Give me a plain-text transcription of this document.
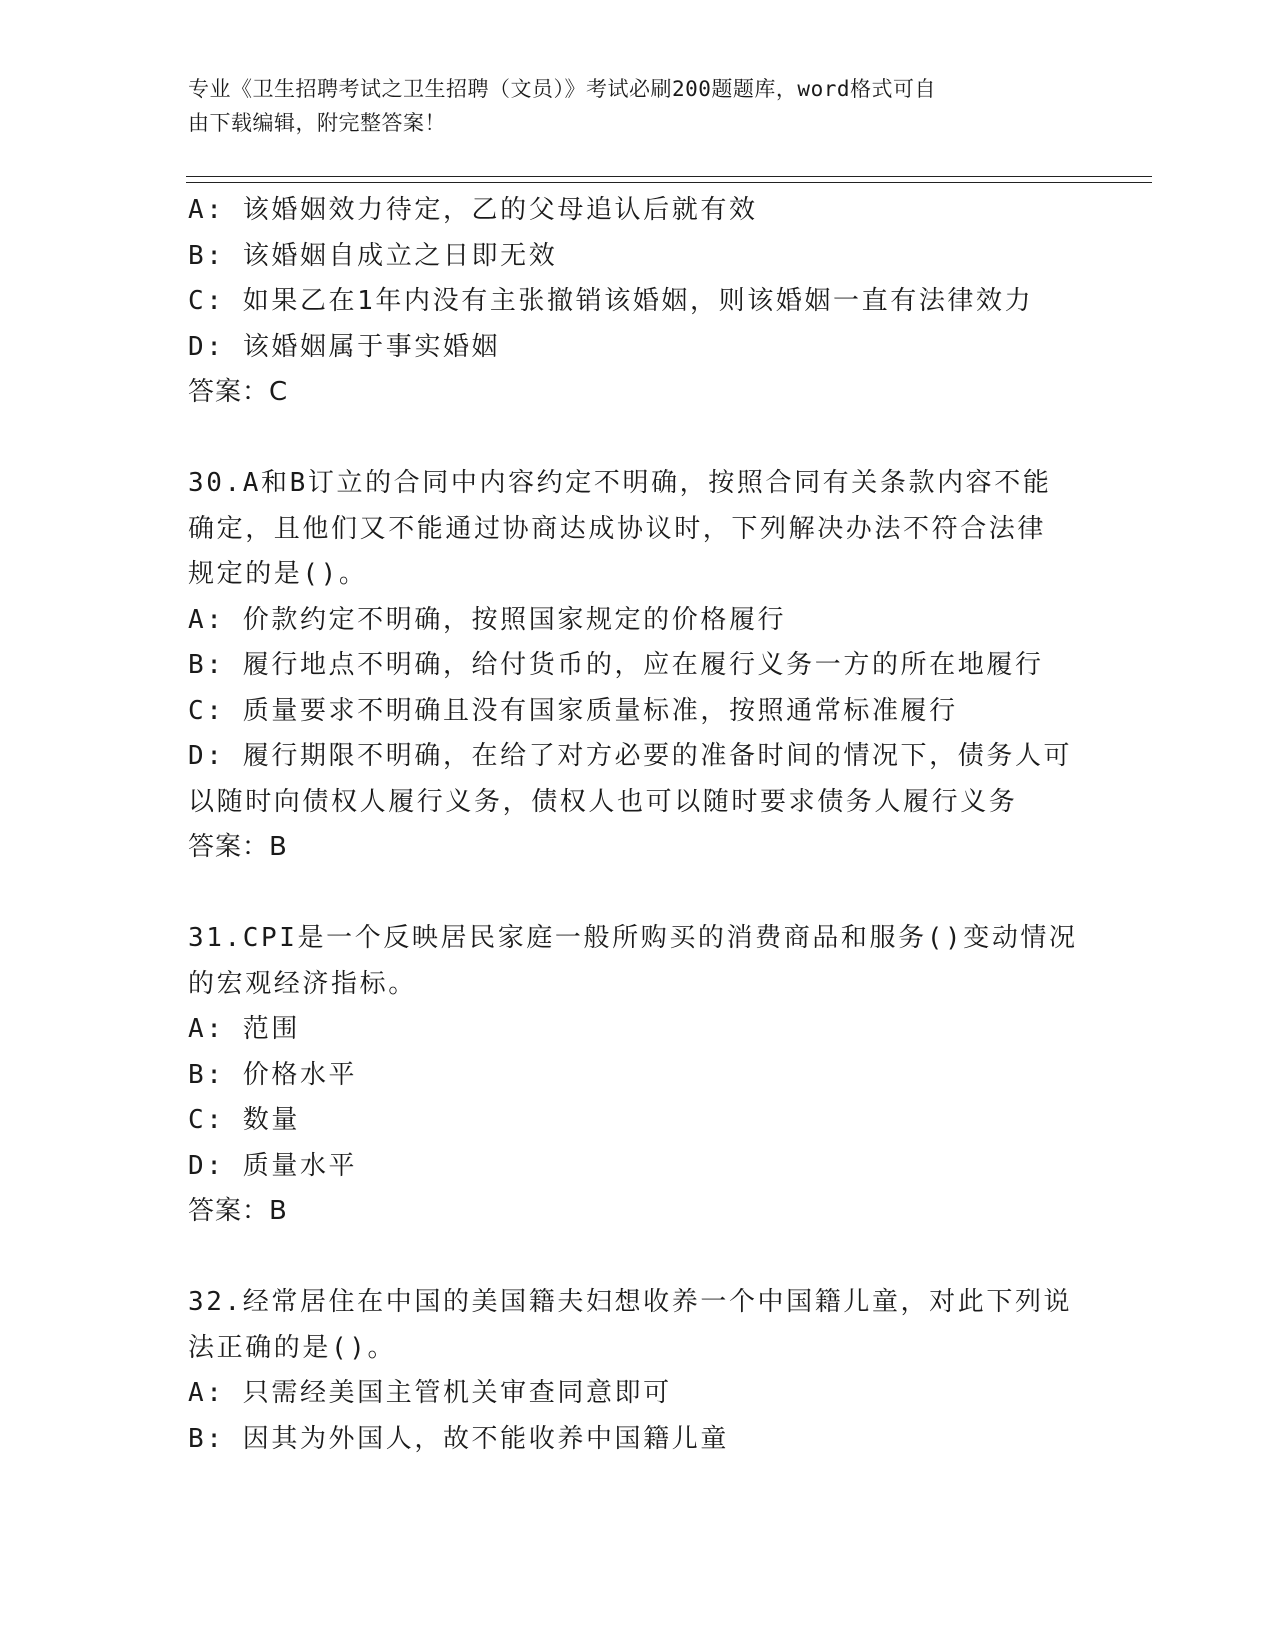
专业《卫生招聘考试之卫生招聘（文员）》考试必刷200题题库，word格式可自
由下载编辑，附完整答案！
A: 该婚姻效力待定，乙的父母追认后就有效
B: 该婚姻自成立之日即无效
C: 如果乙在1年内没有主张撤销该婚姻，则该婚姻一直有法律效力
D: 该婚姻属于事实婚姻
答案：C
30.A和B订立的合同中内容约定不明确，按照合同有关条款内容不能
确定，且他们又不能通过协商达成协议时，下列解决办法不符合法律
规定的是()。
A: 价款约定不明确，按照国家规定的价格履行
B: 履行地点不明确，给付货币的，应在履行义务一方的所在地履行
C: 质量要求不明确且没有国家质量标准，按照通常标准履行
D: 履行期限不明确，在给了对方必要的准备时间的情况下，债务人可
以随时向债权人履行义务，债权人也可以随时要求债务人履行义务
答案：B
31.CPI是一个反映居民家庭一般所购买的消费商品和服务()变动情况
的宏观经济指标。
A: 范围
B: 价格水平
C: 数量
D: 质量水平
答案：B
32.经常居住在中国的美国籍夫妇想收养一个中国籍儿童，对此下列说
法正确的是()。
A: 只需经美国主管机关审查同意即可
B: 因其为外国人，故不能收养中国籍儿童
